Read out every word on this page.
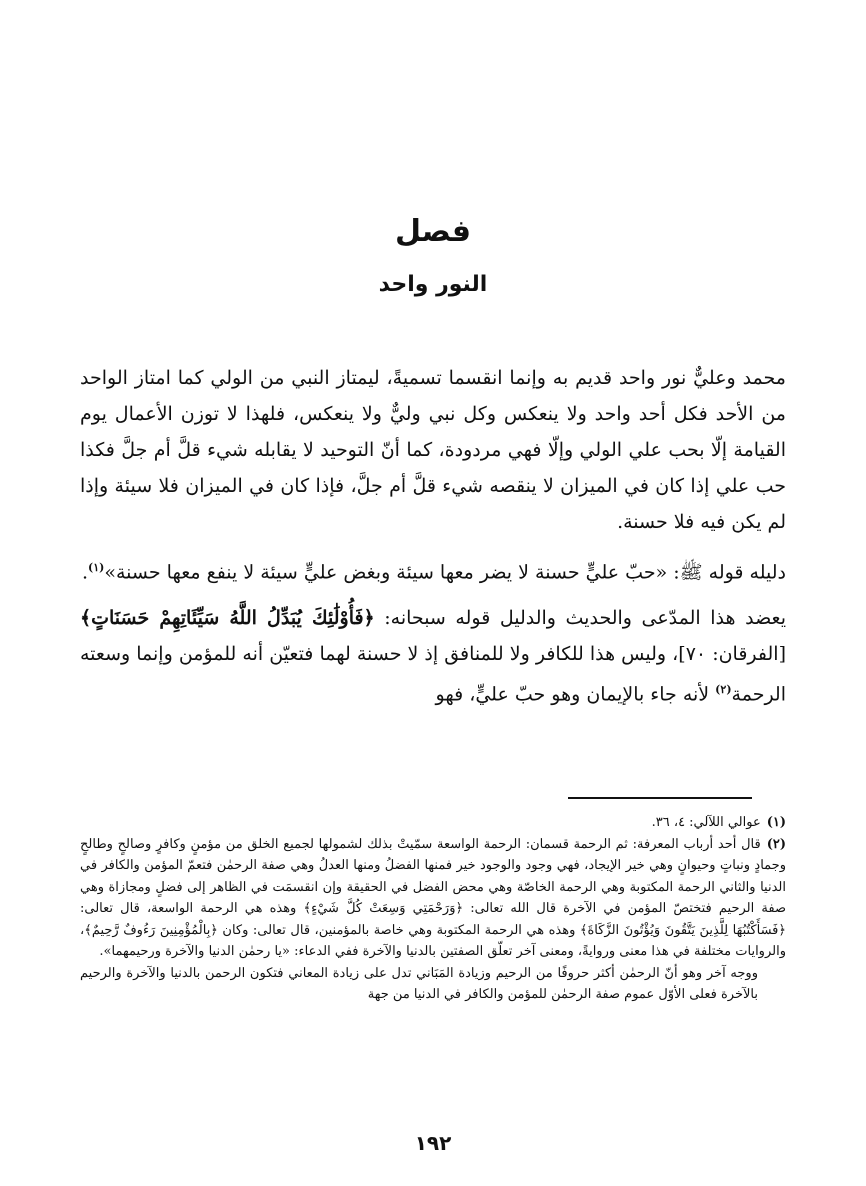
فصل
النور واحد

محمد وعليٌّ نور واحد قديم به وإنما انقسما تسميةً، ليمتاز النبي من الولي كما امتاز الواحد من الأحد فكل أحد واحد ولا ينعكس وكل نبي وليٌّ ولا ينعكس، فلهذا لا توزن الأعمال يوم القيامة إلّا بحب علي الولي وإلّا فهي مردودة، كما أنّ التوحيد لا يقابله شيء قلَّ أم جلَّ فكذا حب علي إذا كان في الميزان لا ينقصه شيء قلَّ أم جلَّ، فإذا كان في الميزان فلا سيئة وإذا لم يكن فيه فلا حسنة.

دليله قوله ﷺ: «حبّ عليٍّ حسنة لا يضر معها سيئة وبغض عليٍّ سيئة لا ينفع معها حسنة»$^{(١)}$.

يعضد هذا المدّعى والحديث والدليل قوله سبحانه: ﴿فَأُوْلَٰئِكَ يُبَدِّلُ اللَّهُ سَيِّئَاتِهِمْ حَسَنَاتٍ﴾ [الفرقان: ٧٠]، وليس هذا للكافر ولا للمنافق إذ لا حسنة لهما فتعيّن أنه للمؤمن وإنما وسعته الرحمة$^{(٢)}$ لأنه جاء بالإيمان وهو حبّ عليٍّ، فهو

(١)عوالي اللآلي: ٤، ٣٦.

(٢)قال أحد أرباب المعرفة: ثم الرحمة قسمان: الرحمة الواسعة سمّيتْ بذلك لشمولها لجميع الخلق من مؤمنٍ وكافرٍ وصالحٍ وطالحٍ وجمادٍ ونباتٍ وحيوانٍ وهي خير الإيجاد، فهي وجود والوجود خير فمنها الفضلُ ومنها العدلُ وهي صفة الرحمٰن فتعمّ المؤمن والكافر في الدنيا والثاني الرحمة المكتوبة وهي الرحمة الخاصّة وهي محض الفضل في الحقيقة وإن انقسمَت في الظاهر إلى فضلٍ ومجازاة وهي صفة الرحيم فتختصّ المؤمن في الآخرة قال الله تعالى: ﴿وَرَحْمَتِي وَسِعَتْ كُلَّ شَيْءٍ﴾ وهذه هي الرحمة الواسعة، قال تعالى: ﴿فَسَأَكْتُبُهَا لِلَّذِينَ يَتَّقُونَ وَيُؤْتُونَ الزَّكَاةَ﴾ وهذه هي الرحمة المكتوبة وهي خاصة بالمؤمنين، قال تعالى: وكان ﴿بِالْمُؤْمِنِينَ رَءُوفٌ رَّحِيمٌ﴾، والروايات مختلفة في هذا معنى وروايةً، ومعنى آخر تعلّق الصفتين بالدنيا والآخرة ففي الدعاء: «يا رحمٰن الدنيا والآخرة ورحيمهما».

ووجه آخر وهو أنّ الرحمٰن أكثر حروفًا من الرحيم وزيادة المَبَاني تدل على زيادة المعاني فتكون الرحمن بالدنيا والآخرة والرحيم بالآخرة فعلى الأوّل عموم صفة الرحمٰن للمؤمن والكافر في الدنيا من جهة

١٩٢
